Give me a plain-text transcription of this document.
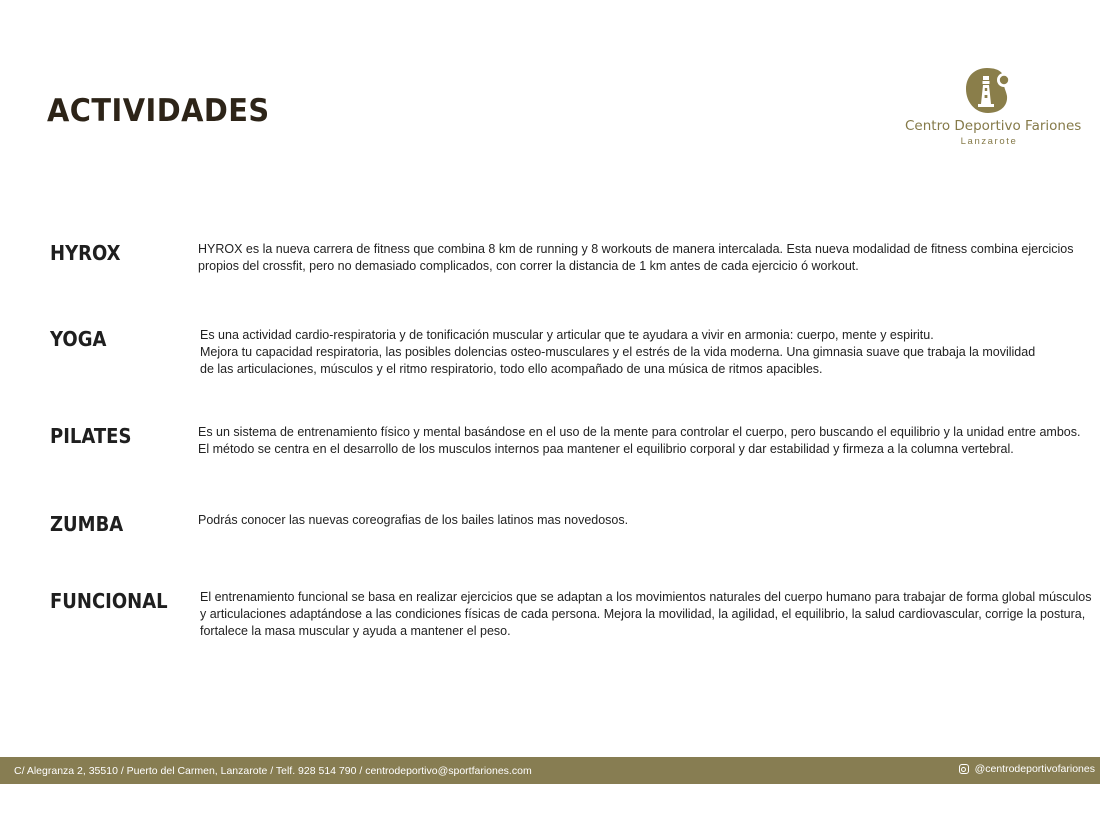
ACTIVIDADES	Centro Deportivo Fariones
Lanzarote
HYROX	HYROX es la nueva carrera de fitness que combina 8 km de running y 8 workouts de manera intercalada. Esta nueva modalidad de fitness combina ejercicios
propios del crossfit, pero no demasiado complicados, con correr la distancia de 1 km antes de cada ejercicio ó workout.

YOGA	Es una actividad cardio-respiratoria y de tonificación muscular y articular que te ayudara a vivir en armonia: cuerpo, mente y espiritu.
Mejora tu capacidad respiratoria, las posibles dolencias osteo-musculares y el estrés de la vida moderna. Una gimnasia suave que trabaja la movilidad
de las articulaciones, músculos y el ritmo respiratorio, todo ello acompañado de una música de ritmos apacibles.

PILATES	Es un sistema de entrenamiento físico y mental basándose en el uso de la mente para controlar el cuerpo, pero buscando el equilibrio y la unidad entre ambos.
El método se centra en el desarrollo de los musculos internos paa mantener el equilibrio corporal y dar estabilidad y firmeza a la columna vertebral.

ZUMBA	Podrás conocer las nuevas coreografias de los bailes latinos mas novedosos.

FUNCIONAL	El entrenamiento funcional se basa en realizar ejercicios que se adaptan a los movimientos naturales del cuerpo humano para trabajar de forma global músculos
y articulaciones adaptándose a las condiciones físicas de cada persona. Mejora la movilidad, la agilidad, el equilibrio, la salud cardiovascular, corrige la postura,
fortalece la masa muscular y ayuda a mantener el peso.

C/ Alegranza 2, 35510 / Puerto del Carmen, Lanzarote / Telf. 928 514 790 / centrodeportivo@sportfariones.com	@centrodeportivofariones
